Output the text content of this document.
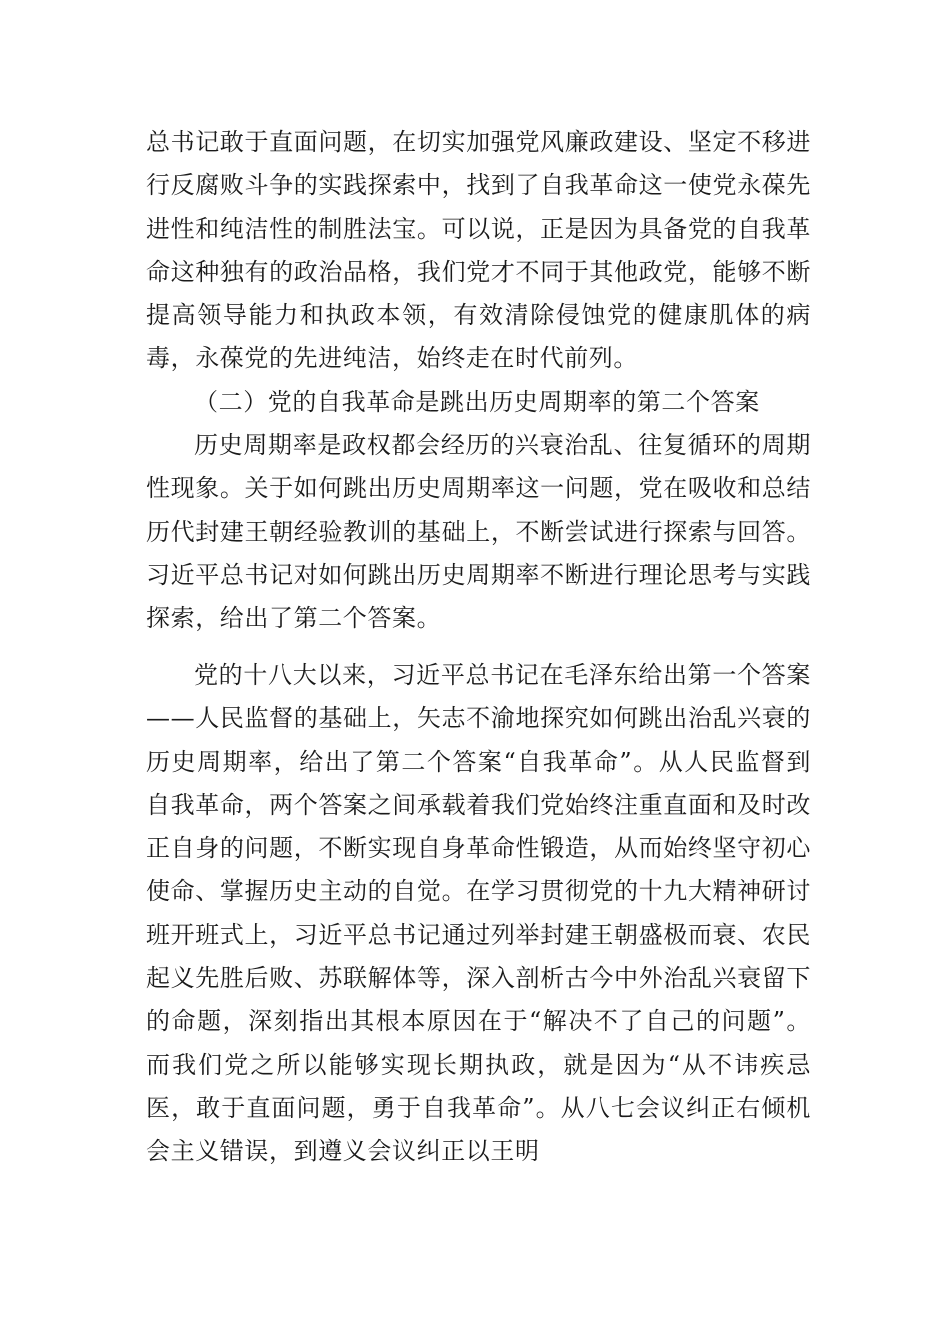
总书记敢于直面问题，在切实加强党风廉政建设、坚定不移进行反腐败斗争的实践探索中，找到了自我革命这一使党永葆先进性和纯洁性的制胜法宝。可以说，正是因为具备党的自我革命这种独有的政治品格，我们党才不同于其他政党，能够不断提高领导能力和执政本领，有效清除侵蚀党的健康肌体的病毒，永葆党的先进纯洁，始终走在时代前列。

（二）党的自我革命是跳出历史周期率的第二个答案

历史周期率是政权都会经历的兴衰治乱、往复循环的周期性现象。关于如何跳出历史周期率这一问题，党在吸收和总结历代封建王朝经验教训的基础上，不断尝试进行探索与回答。习近平总书记对如何跳出历史周期率不断进行理论思考与实践探索，给出了第二个答案。

党的十八大以来，习近平总书记在毛泽东给出第一个答案——人民监督的基础上，矢志不渝地探究如何跳出治乱兴衰的历史周期率，给出了第二个答案“自我革命”。从人民监督到自我革命，两个答案之间承载着我们党始终注重直面和及时改正自身的问题，不断实现自身革命性锻造，从而始终坚守初心使命、掌握历史主动的自觉。在学习贯彻党的十九大精神研讨班开班式上，习近平总书记通过列举封建王朝盛极而衰、农民起义先胜后败、苏联解体等，深入剖析古今中外治乱兴衰留下的命题，深刻指出其根本原因在于“解决不了自己的问题”。而我们党之所以能够实现长期执政，就是因为“从不讳疾忌医，敢于直面问题，勇于自我革命”。从八七会议纠正右倾机会主义错误，到遵义会议纠正以王明
